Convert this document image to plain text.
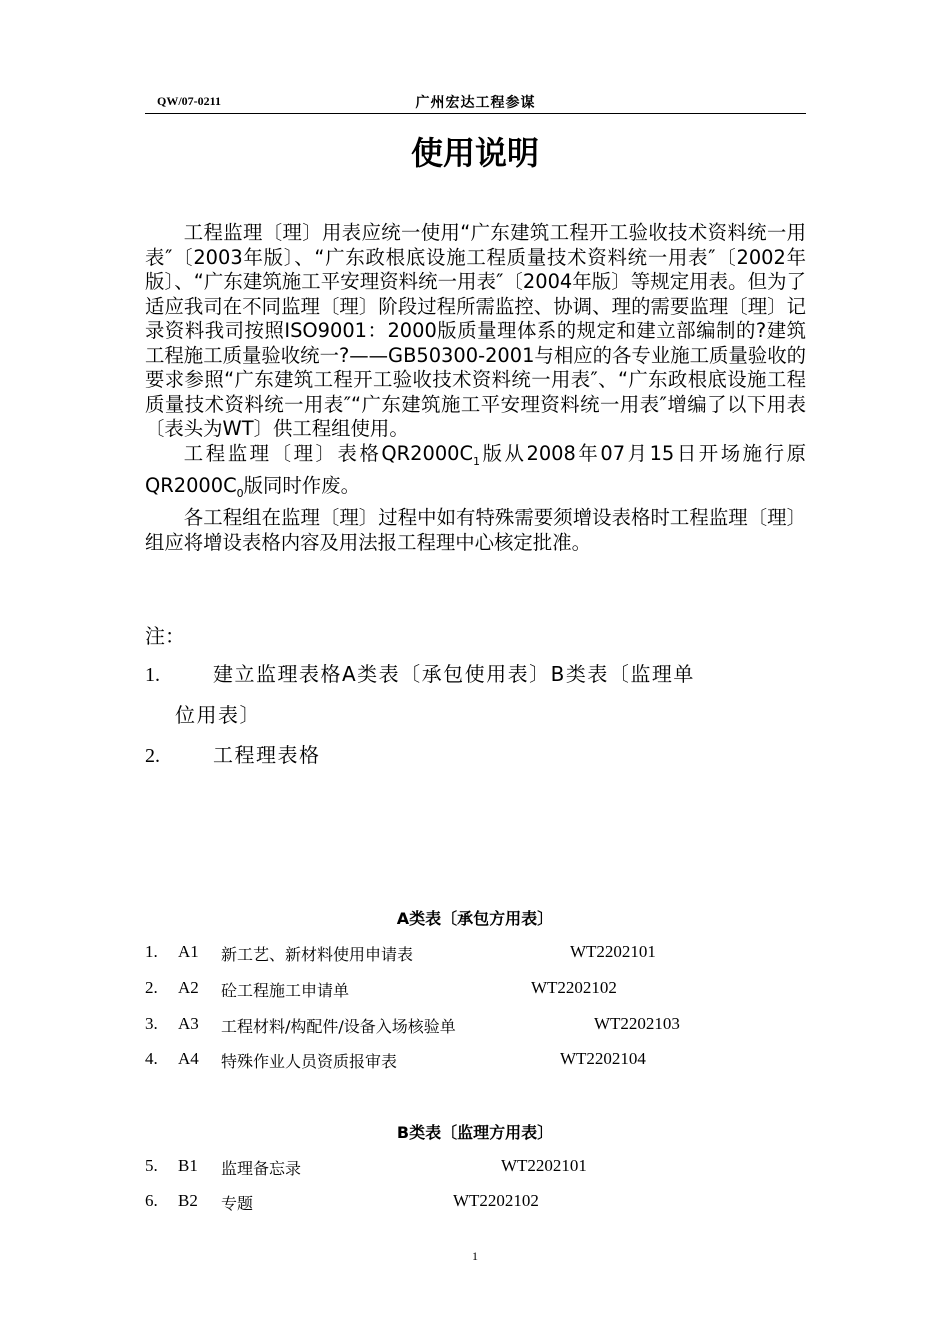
QW/07-0211	广州宏达工程参谋
使用说明

工程监理〔理〕用表应统一使用“广东建筑工程开工验收技术资料统一用表″〔2003年版〕、“广东政根底设施工程质量技术资料统一用表″〔2002年版〕、“广东建筑施工平安理资料统一用表″〔2004年版〕等规定用表。但为了适应我司在不同监理〔理〕阶段过程所需监控、协调、理的需要监理〔理〕记录资料我司按照ISO9001：2000版质量理体系的规定和建立部编制的?建筑工程施工质量验收统一?——GB50300-2001与相应的各专业施工质量验收的要求参照“广东建筑工程开工验收技术资料统一用表″、“广东政根底设施工程质量技术资料统一用表″“广东建筑施工平安理资料统一用表″增编了以下用表〔表头为WT〕供工程组使用。

工程监理〔理〕表格$QR2000C_1$版从2008年07月15日开场施行原$QR2000C_0$版同时作废。

各工程组在监理〔理〕过程中如有特殊需要须增设表格时工程监理〔理〕组应将增设表格内容及用法报工程理中心核定批准。

注：
1.	建立监理表格A类表〔承包使用表〕B类表〔监理单
位用表〕
2.	工程理表格
A类表〔承包方用表〕
1. A1 新工艺、新材料使用申请表	WT2202101
2. A2 砼工程施工申请单	WT2202102
3. A3 工程材料/构配件/设备入场核验单	WT2202103
4. A4 特殊作业人员资质报审表	WT2202104
B类表〔监理方用表〕
5. B1 监理备忘录	WT2202101
6. B2 专题	WT2202102
1
